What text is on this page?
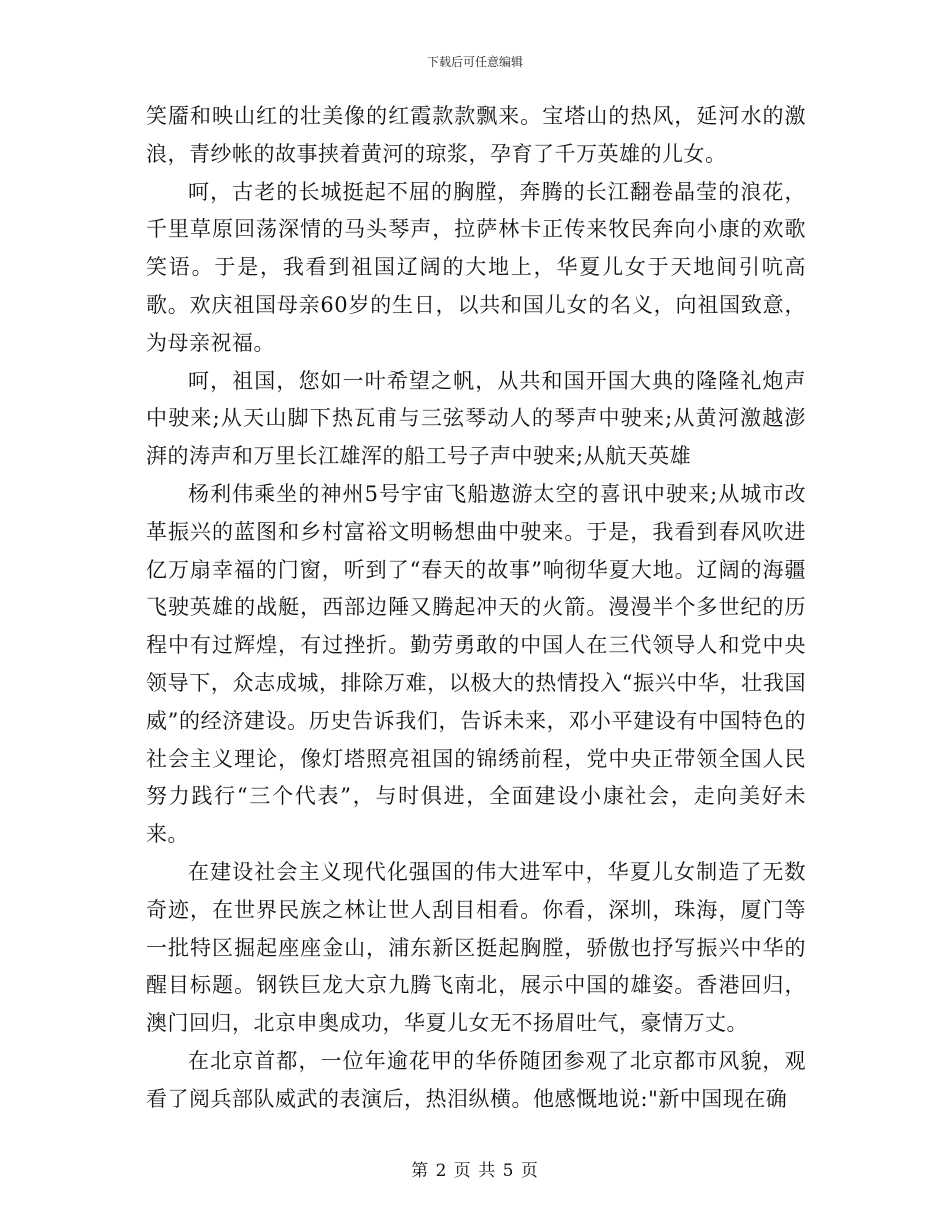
下载后可任意编辑

笑靥和映山红的壮美像的红霞款款飘来。宝塔山的热风，延河水的激浪，青纱帐的故事挟着黄河的琼浆，孕育了千万英雄的儿女。

呵，古老的长城挺起不屈的胸膛，奔腾的长江翻卷晶莹的浪花，千里草原回荡深情的马头琴声，拉萨林卡正传来牧民奔向小康的欢歌笑语。于是，我看到祖国辽阔的大地上，华夏儿女于天地间引吭高歌。欢庆祖国母亲60岁的生日，以共和国儿女的名义，向祖国致意，为母亲祝福。

呵，祖国，您如一叶希望之帆，从共和国开国大典的隆隆礼炮声中驶来;从天山脚下热瓦甫与三弦琴动人的琴声中驶来;从黄河激越澎湃的涛声和万里长江雄浑的船工号子声中驶来;从航天英雄

杨利伟乘坐的神州5号宇宙飞船遨游太空的喜讯中驶来;从城市改革振兴的蓝图和乡村富裕文明畅想曲中驶来。于是，我看到春风吹进亿万扇幸福的门窗，听到了“春天的故事”响彻华夏大地。辽阔的海疆飞驶英雄的战艇，西部边陲又腾起冲天的火箭。漫漫半个多世纪的历程中有过辉煌，有过挫折。勤劳勇敢的中国人在三代领导人和党中央领导下，众志成城，排除万难，以极大的热情投入“振兴中华，壮我国威”的经济建设。历史告诉我们，告诉未来，邓小平建设有中国特色的社会主义理论，像灯塔照亮祖国的锦绣前程，党中央正带领全国人民努力践行“三个代表”，与时俱进，全面建设小康社会，走向美好未来。

在建设社会主义现代化强国的伟大进军中，华夏儿女制造了无数奇迹，在世界民族之林让世人刮目相看。你看，深圳，珠海，厦门等一批特区掘起座座金山，浦东新区挺起胸膛，骄傲也抒写振兴中华的醒目标题。钢铁巨龙大京九腾飞南北，展示中国的雄姿。香港回归，澳门回归，北京申奥成功，华夏儿女无不扬眉吐气，豪情万丈。

在北京首都，一位年逾花甲的华侨随团参观了北京都市风貌，观看了阅兵部队威武的表演后，热泪纵横。他感慨地说:"新中国现在确

第 2 页 共 5 页
